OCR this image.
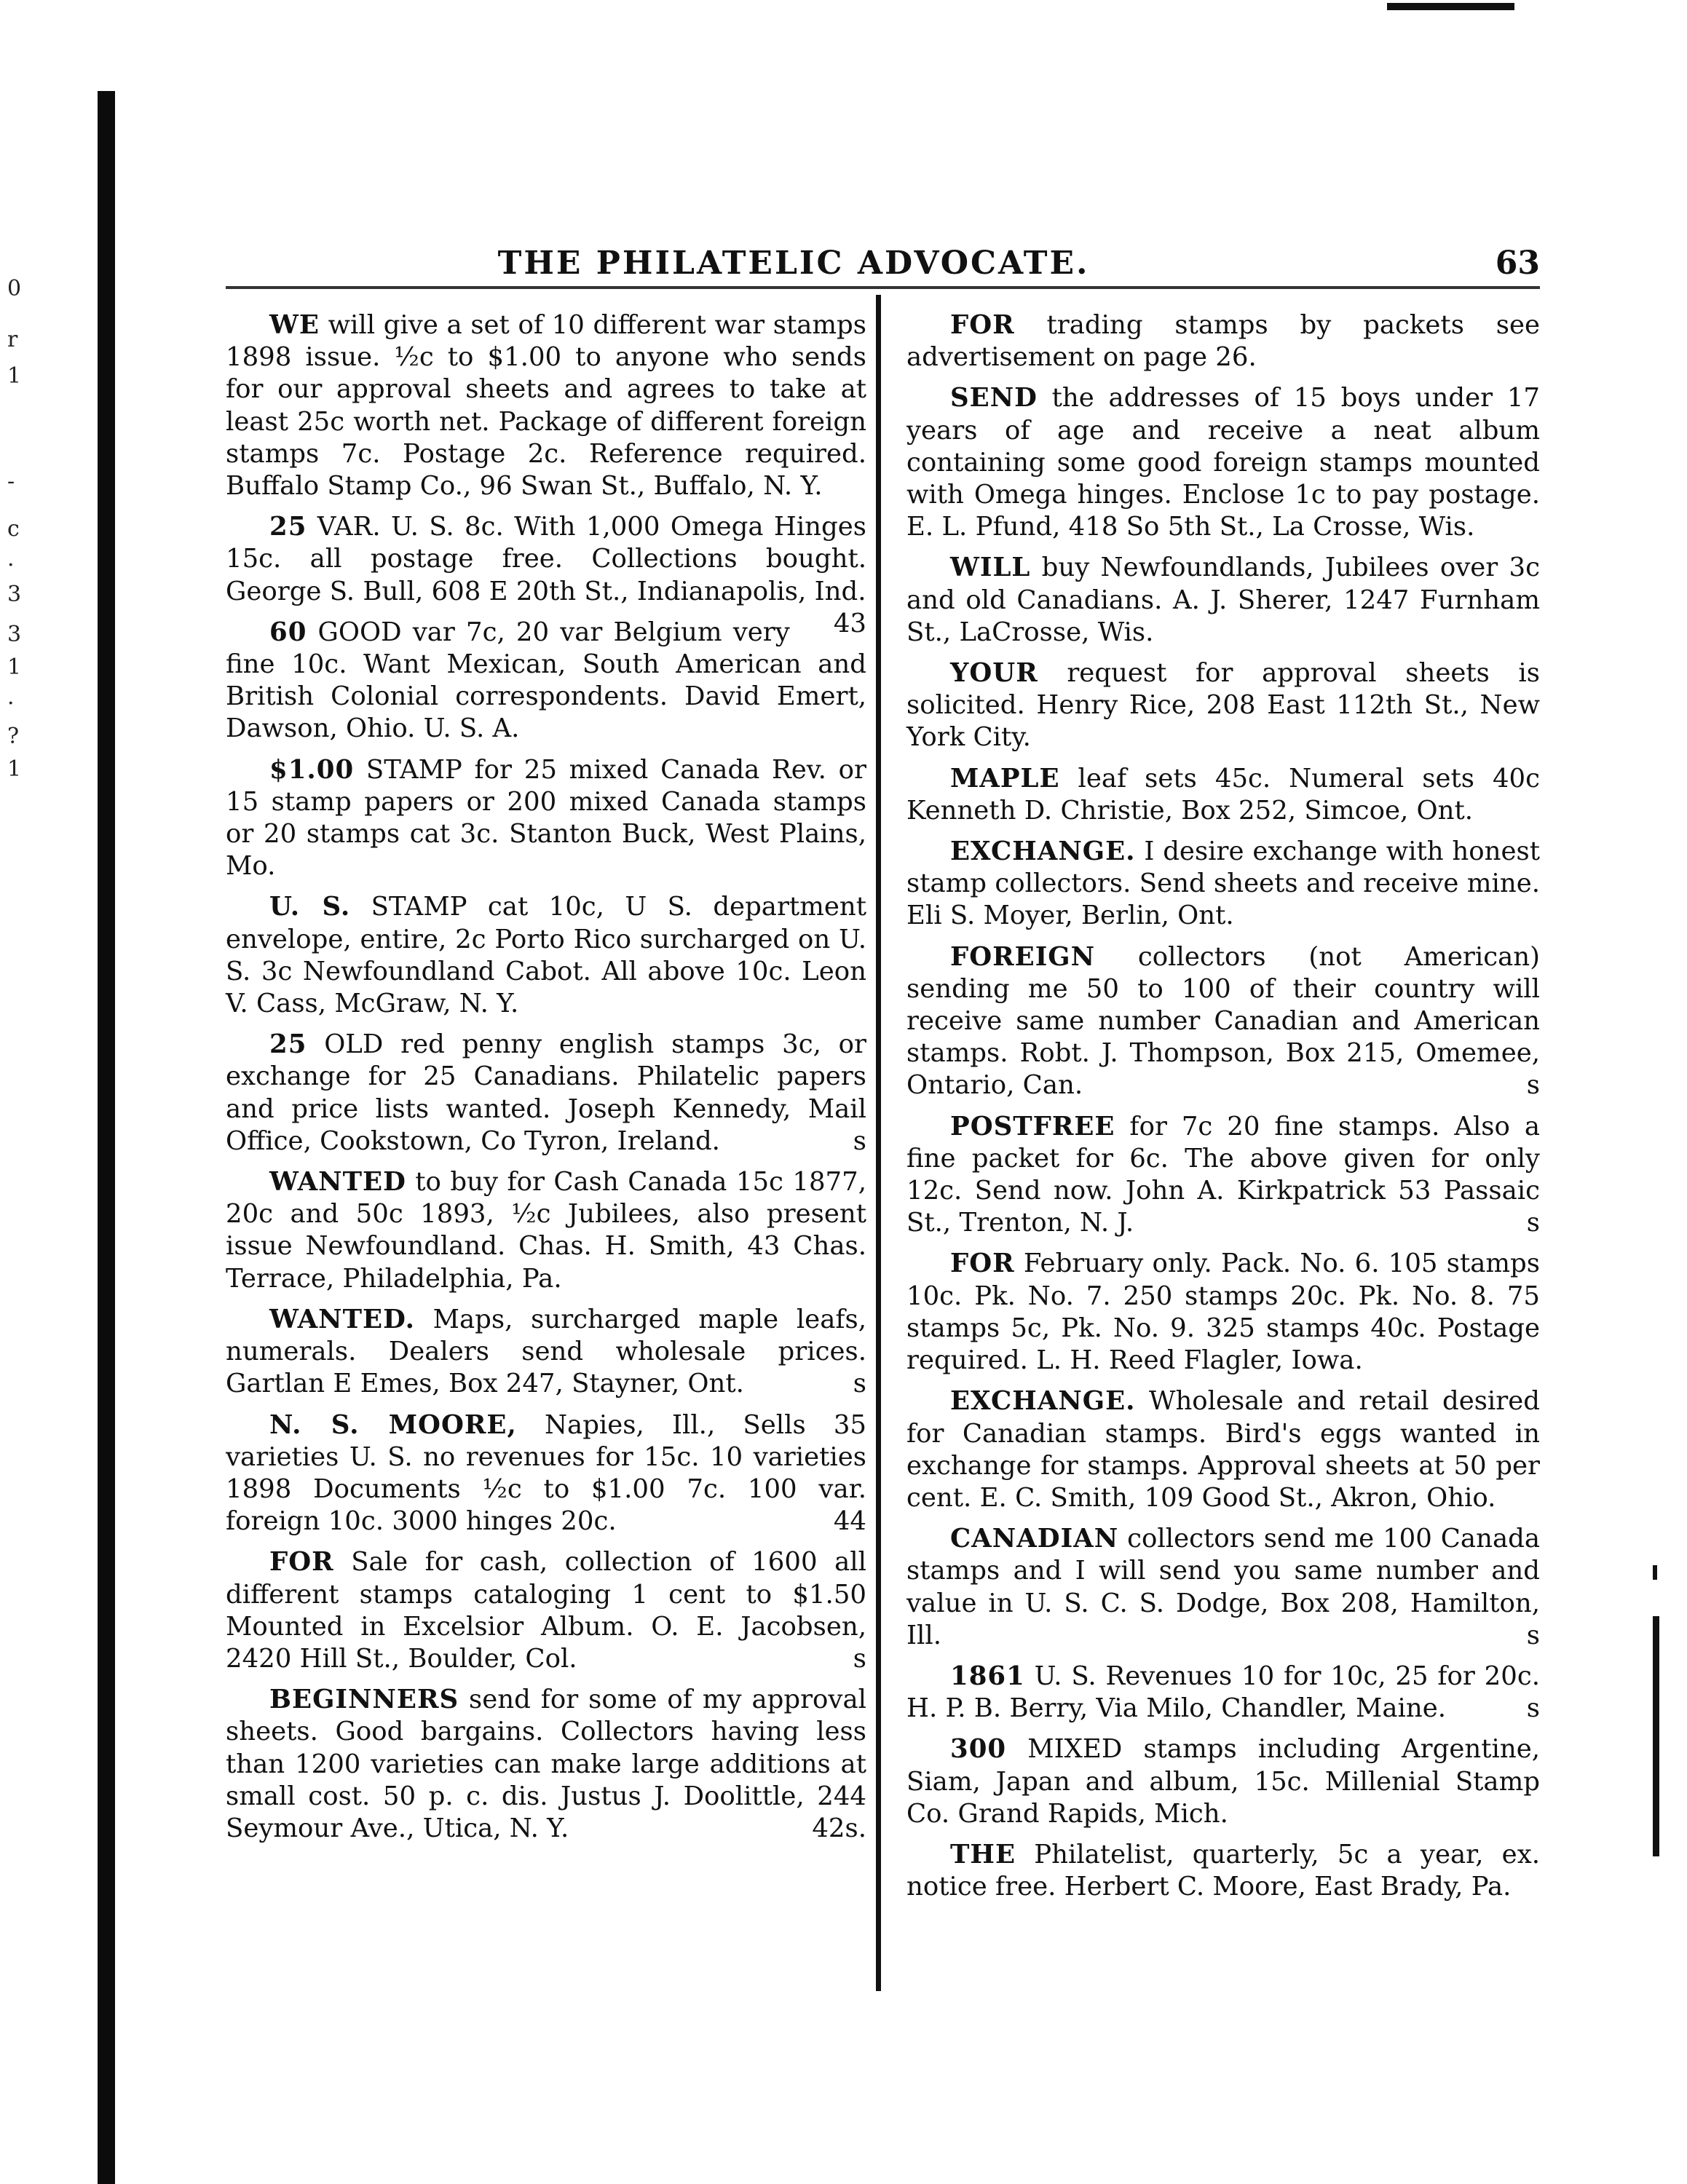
0
r
1
-
c
·
3
3
1
·
?
1
THE PHILATELIC ADVOCATE.	63

WE will give a set of 10 different war stamps 1898 issue. ½c to $1.00 to anyone who sends for our approval sheets and agrees to take at least 25c worth net. Package of different foreign stamps 7c. Postage 2c. Reference required. Buffalo Stamp Co., 96 Swan St., Buffalo, N. Y.

25 VAR. U. S. 8c. With 1,000 Omega Hinges 15c. all postage free. Collections bought. George S. Bull, 608 E 20th St., Indianapolis, Ind.
43

60 GOOD var 7c, 20 var Belgium very fine 10c. Want Mexican, South American and British Colonial correspondents. David Emert, Dawson, Ohio. U. S. A.

$1.00 STAMP for 25 mixed Canada Rev. or 15 stamp papers or 200 mixed Canada stamps or 20 stamps cat 3c. Stanton Buck, West Plains, Mo.

U. S. STAMP cat 10c, U S. department envelope, entire, 2c Porto Rico surcharged on U. S. 3c Newfoundland Cabot. All above 10c. Leon V. Cass, McGraw, N. Y.

25 OLD red penny english stamps 3c, or exchange for 25 Canadians. Philatelic papers and price lists wanted. Joseph Kennedy, Mail Office, Cookstown, Co Tyron, Ireland.	s

WANTED to buy for Cash Canada 15c 1877, 20c and 50c 1893, ½c Jubilees, also present issue Newfoundland. Chas. H. Smith, 43 Chas. Terrace, Philadelphia, Pa.

WANTED. Maps, surcharged maple leafs, numerals. Dealers send wholesale prices. Gartlan E Emes, Box 247, Stayner, Ont.	s

N. S. MOORE, Napies, Ill., Sells 35 varieties U. S. no revenues for 15c. 10 varieties 1898 Documents ½c to $1.00 7c. 100 var. foreign 10c. 3000 hinges 20c.	44

FOR Sale for cash, collection of 1600 all different stamps cataloging 1 cent to $1.50 Mounted in Excelsior Album. O. E. Jacobsen, 2420 Hill St., Boulder, Col.	s

BEGINNERS send for some of my approval sheets. Good bargains. Collectors having less than 1200 varieties can make large additions at small cost. 50 p. c. dis. Justus J. Doolittle, 244 Seymour Ave., Utica, N. Y.	42s.

FOR trading stamps by packets see advertisement on page 26.

SEND the addresses of 15 boys under 17 years of age and receive a neat album containing some good foreign stamps mounted with Omega hinges. Enclose 1c to pay postage. E. L. Pfund, 418 So 5th St., La Crosse, Wis.

WILL buy Newfoundlands, Jubilees over 3c and old Canadians. A. J. Sherer, 1247 Furnham St., LaCrosse, Wis.

YOUR request for approval sheets is solicited. Henry Rice, 208 East 112th St., New York City.

MAPLE leaf sets 45c. Numeral sets 40c Kenneth D. Christie, Box 252, Simcoe, Ont.

EXCHANGE. I desire exchange with honest stamp collectors. Send sheets and receive mine. Eli S. Moyer, Berlin, Ont.

FOREIGN collectors (not American) sending me 50 to 100 of their country will receive same number Canadian and American stamps. Robt. J. Thompson, Box 215, Omemee, Ontario, Can.	s

POSTFREE for 7c 20 fine stamps. Also a fine packet for 6c. The above given for only 12c. Send now. John A. Kirkpatrick 53 Passaic St., Trenton, N. J.	s

FOR February only. Pack. No. 6. 105 stamps 10c. Pk. No. 7. 250 stamps 20c. Pk. No. 8. 75 stamps 5c, Pk. No. 9. 325 stamps 40c. Postage required. L. H. Reed Flagler, Iowa.

EXCHANGE. Wholesale and retail desired for Canadian stamps. Bird's eggs wanted in exchange for stamps. Approval sheets at 50 per cent. E. C. Smith, 109 Good St., Akron, Ohio.

CANADIAN collectors send me 100 Canada stamps and I will send you same number and value in U. S. C. S. Dodge, Box 208, Hamilton, Ill.	s

1861 U. S. Revenues 10 for 10c, 25 for 20c. H. P. B. Berry, Via Milo, Chandler, Maine.	s

300 MIXED stamps including Argentine, Siam, Japan and album, 15c. Millenial Stamp Co. Grand Rapids, Mich.

THE Philatelist, quarterly, 5c a year, ex. notice free. Herbert C. Moore, East Brady, Pa.
